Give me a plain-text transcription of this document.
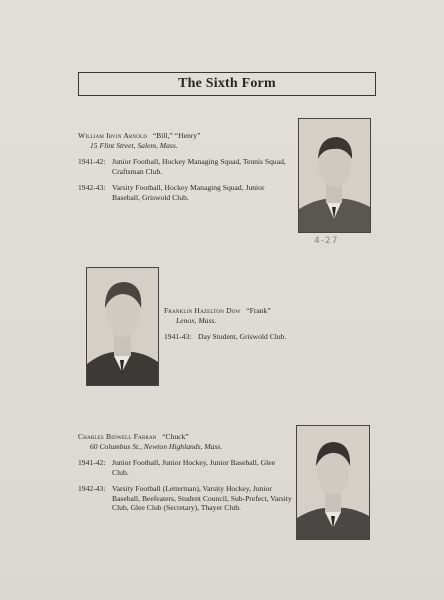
The Sixth Form
William Irvin Arnold “Bill,” “Henry”
15 Flint Street, Salem, Mass.
1941-42: Junior Football, Hockey Managing Squad, Tennis Squad, Craftsman Club.
1942-43: Varsity Football, Hockey Managing Squad, Junior Baseball, Griswold Club.
4-27
Franklin Hazelton Dow “Frank”
Lenox, Mass.
1941-43: Day Student, Griswold Club.
Charles Bidwell Farrar “Chuck”
60 Columbus St., Newton Highlands, Mass.
1941-42: Junior Football, Junior Hockey, Junior Baseball, Glee Club.
1942-43: Varsity Football (Letterman), Varsity Hockey, Junior Baseball, Beefeaters, Student Council, Sub-Prefect, Varsity Club, Glee Club (Secretary), Thayer Club.
